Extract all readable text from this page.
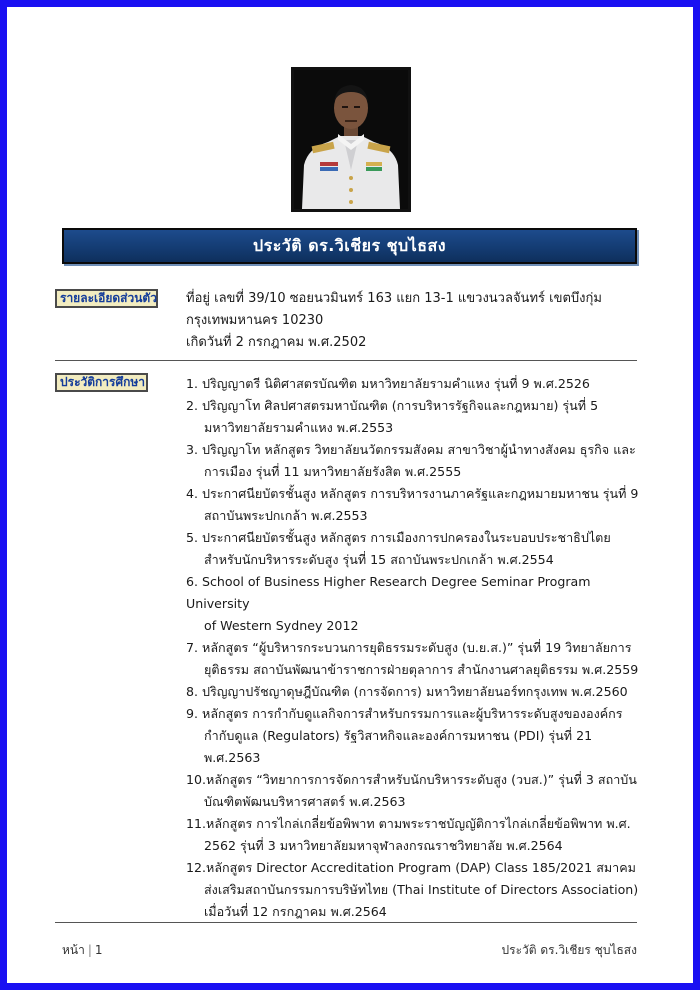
ประวัติ ดร.วิเชียร ชุบไธสง
รายละเอียดส่วนตัว ที่อยู่ เลขที่ 39/10 ซอยนวมินทร์ 163 แยก 13-1 แขวงนวลจันทร์ เขตบึงกุ่ม

กรุงเทพมหานคร 10230

เกิดวันที่ 2 กรกฎาคม พ.ศ.2502

ประวัติการศึกษา	1. ปริญญาตรี นิติศาสตรบัณฑิต มหาวิทยาลัยรามคำแหง รุ่นที่ 9 พ.ศ.2526
2. ปริญญาโท ศิลปศาสตรมหาบัณฑิต (การบริหารรัฐกิจและกฎหมาย) รุ่นที่ 5
มหาวิทยาลัยรามคำแหง พ.ศ.2553
3. ปริญญาโท หลักสูตร วิทยาลัยนวัตกรรมสังคม สาขาวิชาผู้นำทางสังคม ธุรกิจ และ
การเมือง รุ่นที่ 11 มหาวิทยาลัยรังสิต พ.ศ.2555
4. ประกาศนียบัตรชั้นสูง หลักสูตร การบริหารงานภาครัฐและกฎหมายมหาชน รุ่นที่ 9
สถาบันพระปกเกล้า พ.ศ.2553
5. ประกาศนียบัตรชั้นสูง หลักสูตร การเมืองการปกครองในระบอบประชาธิปไตย
สำหรับนักบริหารระดับสูง รุ่นที่ 15 สถาบันพระปกเกล้า พ.ศ.2554
6. School of Business Higher Research Degree Seminar Program University
of Western Sydney 2012
7. หลักสูตร “ผู้บริหารกระบวนการยุติธรรมระดับสูง (บ.ย.ส.)” รุ่นที่ 19 วิทยาลัยการ
ยุติธรรม สถาบันพัฒนาข้าราชการฝ่ายตุลาการ สำนักงานศาลยุติธรรม พ.ศ.2559
8. ปริญญาปรัชญาดุษฎีบัณฑิต (การจัดการ) มหาวิทยาลัยนอร์ทกรุงเทพ พ.ศ.2560
9. หลักสูตร การกำกับดูแลกิจการสำหรับกรรมการและผู้บริหารระดับสูงขององค์กร
กำกับดูแล (Regulators) รัฐวิสาหกิจและองค์การมหาชน (PDI) รุ่นที่ 21 พ.ศ.2563
10.หลักสูตร “วิทยาการการจัดการสำหรับนักบริหารระดับสูง (วบส.)” รุ่นที่ 3 สถาบัน
บัณฑิตพัฒนบริหารศาสตร์ พ.ศ.2563
11.หลักสูตร การไกล่เกลี่ยข้อพิพาท ตามพระราชบัญญัติการไกล่เกลี่ยข้อพิพาท พ.ศ.
2562 รุ่นที่ 3 มหาวิทยาลัยมหาจุฬาลงกรณราชวิทยาลัย พ.ศ.2564
12.หลักสูตร Director Accreditation Program (DAP) Class 185/2021 สมาคม
ส่งเสริมสถาบันกรรมการบริษัทไทย (Thai Institute of Directors Association)
เมื่อวันที่ 12 กรกฎาคม พ.ศ.2564
หน้า | 1	ประวัติ ดร.วิเชียร ชุบไธสง
